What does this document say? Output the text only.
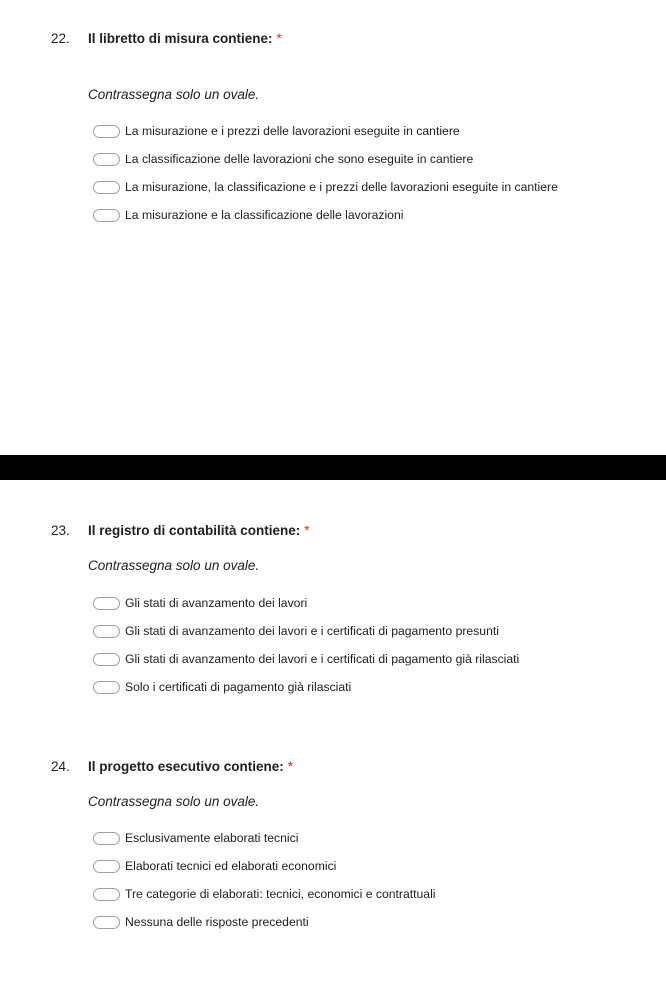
22. Il libretto di misura contiene: *
Contrassegna solo un ovale.
La misurazione e i prezzi delle lavorazioni eseguite in cantiere
La classificazione delle lavorazioni che sono eseguite in cantiere
La misurazione, la classificazione e i prezzi delle lavorazioni eseguite in cantiere
La misurazione e la classificazione delle lavorazioni
23. Il registro di contabilità contiene: *
Contrassegna solo un ovale.
Gli stati di avanzamento dei lavori
Gli stati di avanzamento dei lavori e i certificati di pagamento presunti
Gli stati di avanzamento dei lavori e i certificati di pagamento già rilasciati
Solo i certificati di pagamento già rilasciati
24. Il progetto esecutivo contiene: *
Contrassegna solo un ovale.
Esclusivamente elaborati tecnici
Elaborati tecnici ed elaborati economici
Tre categorie di elaborati: tecnici, economici e contrattuali
Nessuna delle risposte precedenti
